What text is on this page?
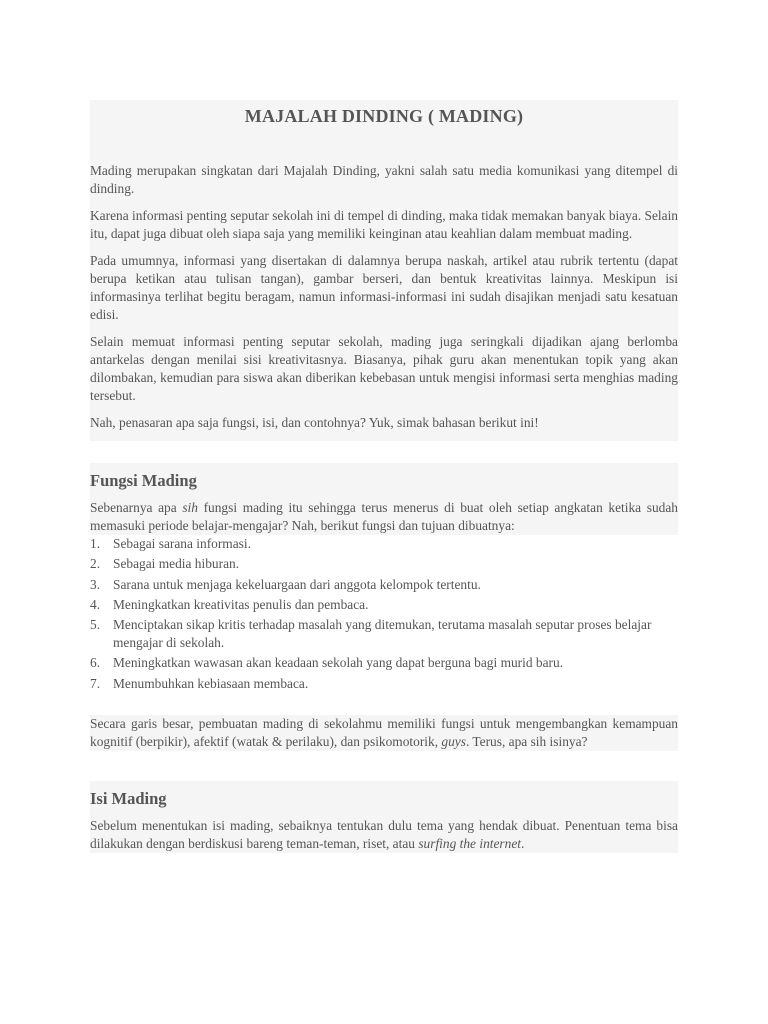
MAJALAH DINDING ( MADING)

Mading merupakan singkatan dari Majalah Dinding, yakni salah satu media komunikasi yang ditempel di dinding.

Karena informasi penting seputar sekolah ini di tempel di dinding, maka tidak memakan banyak biaya. Selain itu, dapat juga dibuat oleh siapa saja yang memiliki keinginan atau keahlian dalam membuat mading.

Pada umumnya, informasi yang disertakan di dalamnya berupa naskah, artikel atau rubrik tertentu (dapat berupa ketikan atau tulisan tangan), gambar berseri, dan bentuk kreativitas lainnya. Meskipun isi informasinya terlihat begitu beragam, namun informasi-informasi ini sudah disajikan menjadi satu kesatuan edisi.

Selain memuat informasi penting seputar sekolah, mading juga seringkali dijadikan ajang berlomba antarkelas dengan menilai sisi kreativitasnya. Biasanya, pihak guru akan menentukan topik yang akan dilombakan, kemudian para siswa akan diberikan kebebasan untuk mengisi informasi serta menghias mading tersebut.

Nah, penasaran apa saja fungsi, isi, dan contohnya? Yuk, simak bahasan berikut ini!

Fungsi Mading

Sebenarnya apa sih fungsi mading itu sehingga terus menerus di buat oleh setiap angkatan ketika sudah memasuki periode belajar-mengajar? Nah, berikut fungsi dan tujuan dibuatnya:

1. Sebagai sarana informasi.
2. Sebagai media hiburan.
3. Sarana untuk menjaga kekeluargaan dari anggota kelompok tertentu.
4. Meningkatkan kreativitas penulis dan pembaca.
5. Menciptakan sikap kritis terhadap masalah yang ditemukan, terutama masalah seputar proses belajar mengajar di sekolah.
6. Meningkatkan wawasan akan keadaan sekolah yang dapat berguna bagi murid baru.
7. Menumbuhkan kebiasaan membaca.

Secara garis besar, pembuatan mading di sekolahmu memiliki fungsi untuk mengembangkan kemampuan kognitif (berpikir), afektif (watak & perilaku), dan psikomotorik, guys. Terus, apa sih isinya?

Isi Mading

Sebelum menentukan isi mading, sebaiknya tentukan dulu tema yang hendak dibuat. Penentuan tema bisa dilakukan dengan berdiskusi bareng teman-teman, riset, atau surfing the internet.
